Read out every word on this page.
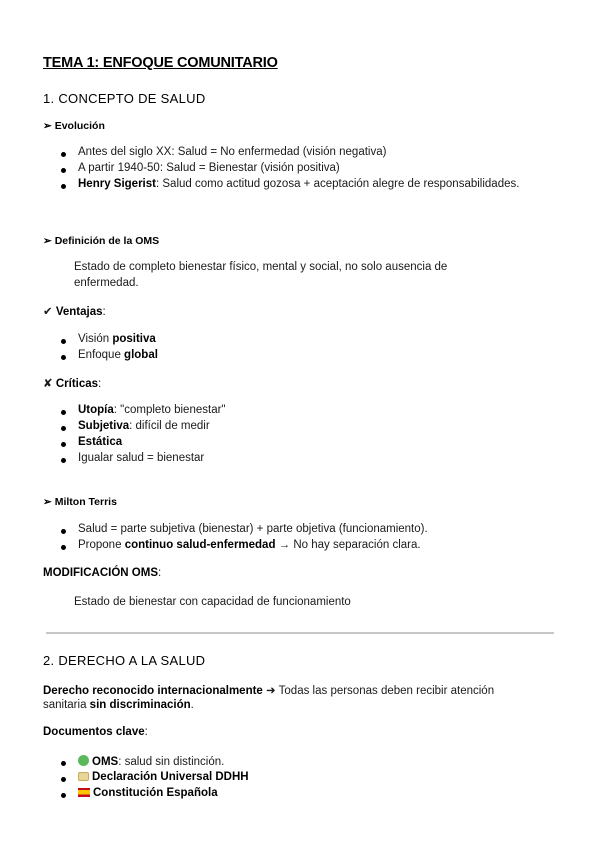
TEMA 1: ENFOQUE COMUNITARIO
1. CONCEPTO DE SALUD
➢ Evolución
Antes del siglo XX: Salud = No enfermedad (visión negativa)
A partir 1940-50: Salud = Bienestar (visión positiva)
Henry Sigerist: Salud como actitud gozosa + aceptación alegre de responsabilidades.
➢ Definición de la OMS
Estado de completo bienestar físico, mental y social, no solo ausencia de
enfermedad.
✔ Ventajas:
Visión positiva
Enfoque global
✘ Críticas:
Utopía: "completo bienestar"
Subjetiva: difícil de medir
Estática
Igualar salud = bienestar
➢ Milton Terris
Salud = parte subjetiva (bienestar) + parte objetiva (funcionamiento).
Propone continuo salud-enfermedad → No hay separación clara.
MODIFICACIÓN OMS:
Estado de bienestar con capacidad de funcionamiento
2. DERECHO A LA SALUD
Derecho reconocido internacionalmente ➜ Todas las personas deben recibir atención
sanitaria sin discriminación.
Documentos clave:
OMS: salud sin distinción.
Declaración Universal DDHH
Constitución Española
